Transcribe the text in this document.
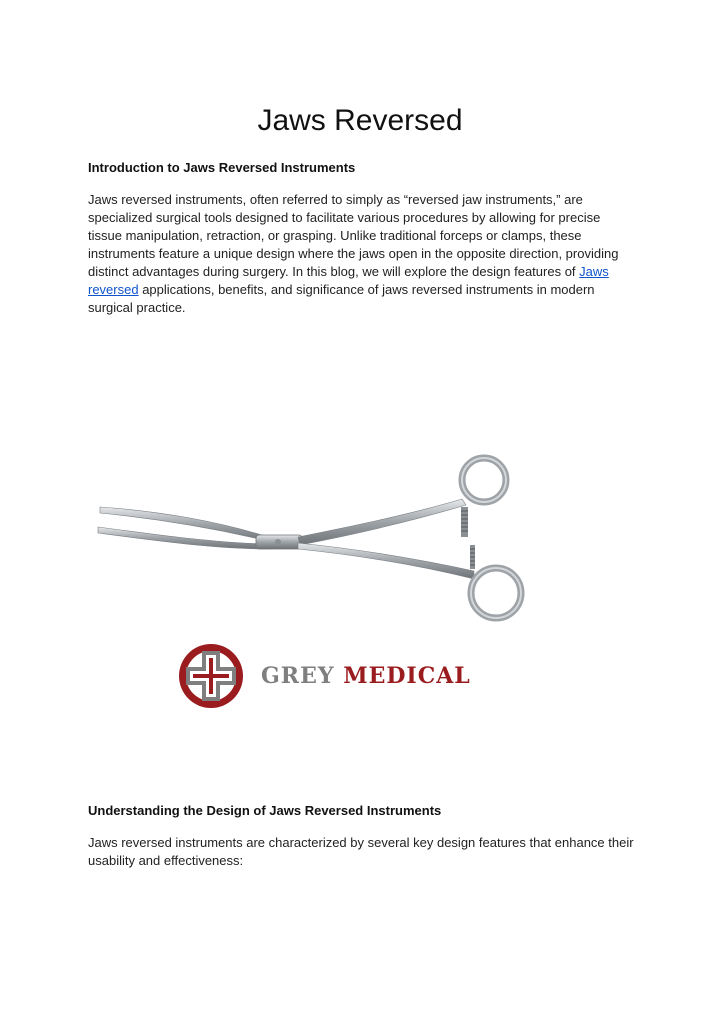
Jaws Reversed
Introduction to Jaws Reversed Instruments

Jaws reversed instruments, often referred to simply as “reversed jaw instruments,” are specialized surgical tools designed to facilitate various procedures by allowing for precise tissue manipulation, retraction, or grasping. Unlike traditional forceps or clamps, these instruments feature a unique design where the jaws open in the opposite direction, providing distinct advantages during surgery. In this blog, we will explore the design features of Jaws reversed applications, benefits, and significance of jaws reversed instruments in modern surgical practice.

GREY MEDICAL
Understanding the Design of Jaws Reversed Instruments

Jaws reversed instruments are characterized by several key design features that enhance their usability and effectiveness:
